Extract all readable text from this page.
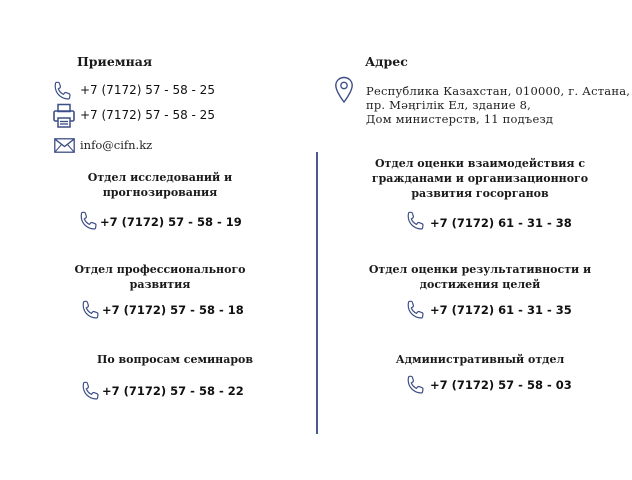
Приемная
+7 (7172) 57 - 58 - 25
+7 (7172) 57 - 58 - 25
info@cifn.kz
Адрес
Республика Казахстан, 010000, г. Астана,
пр. Мәңгілік Ел, здание 8,
Дом министерств, 11 подъезд
Отдел исследований и
прогнозирования
+7 (7172) 57 - 58 - 19
Отдел оценки взаимодействия с
гражданами и организационного
развития госорганов
+7 (7172) 61 - 31 - 38
Отдел профессионального
развития
+7 (7172) 57 - 58 - 18
Отдел оценки результативности и
достижения целей
+7 (7172) 61 - 31 - 35
По вопросам семинаров
+7 (7172) 57 - 58 - 22
Административный отдел
+7 (7172) 57 - 58 - 03
